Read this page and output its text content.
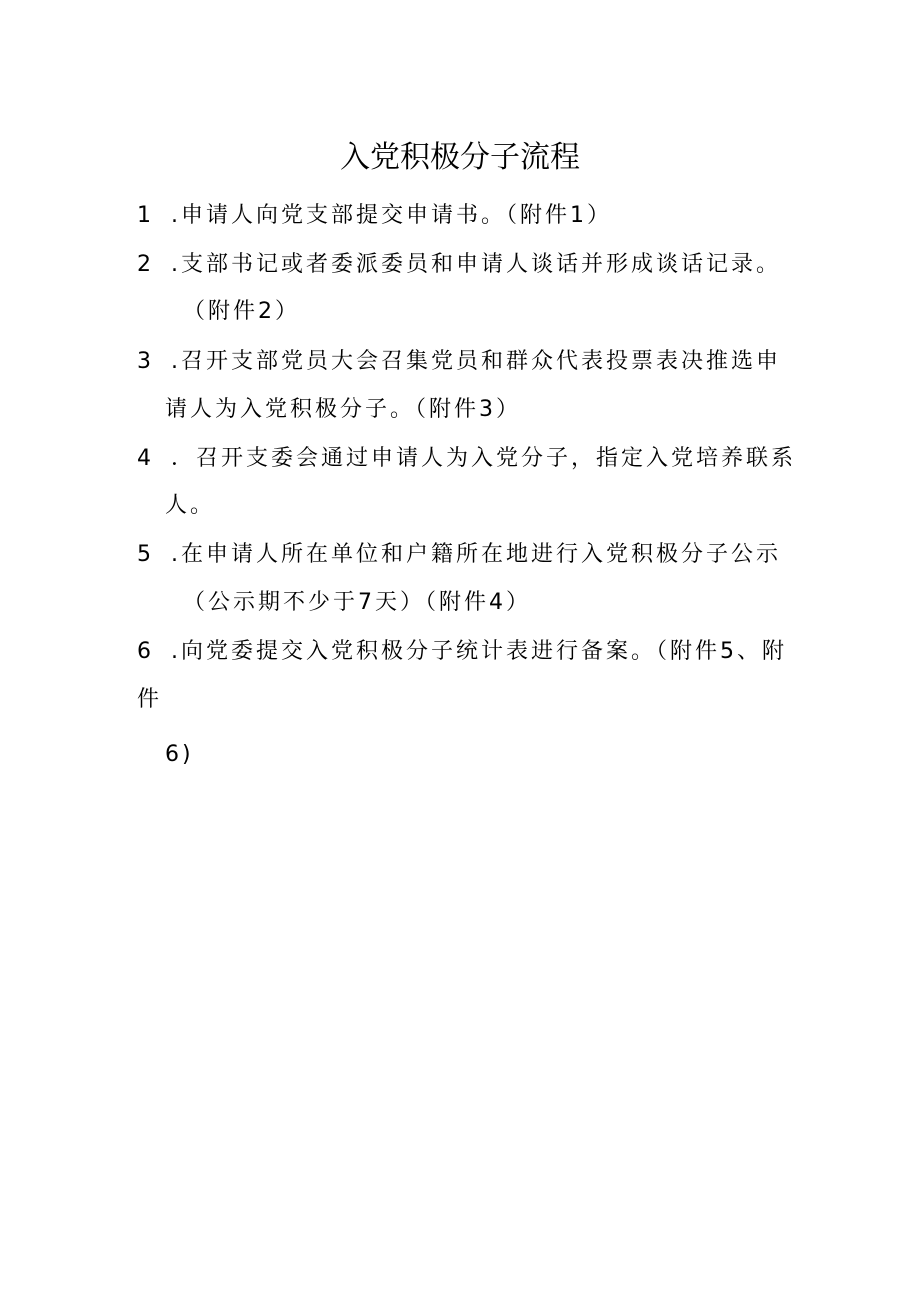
入党积极分子流程
1 .申请人向党支部提交申请书。（附件1）
2 .支部书记或者委派委员和申请人谈话并形成谈话记录。
（附件2）
3 .召开支部党员大会召集党员和群众代表投票表决推选申
请人为入党积极分子。（附件3）
4 ．召开支委会通过申请人为入党分子，指定入党培养联系
人。
5 .在申请人所在单位和户籍所在地进行入党积极分子公示
（公示期不少于7天）（附件4）
6 .向党委提交入党积极分子统计表进行备案。（附件5、附
件
6)
